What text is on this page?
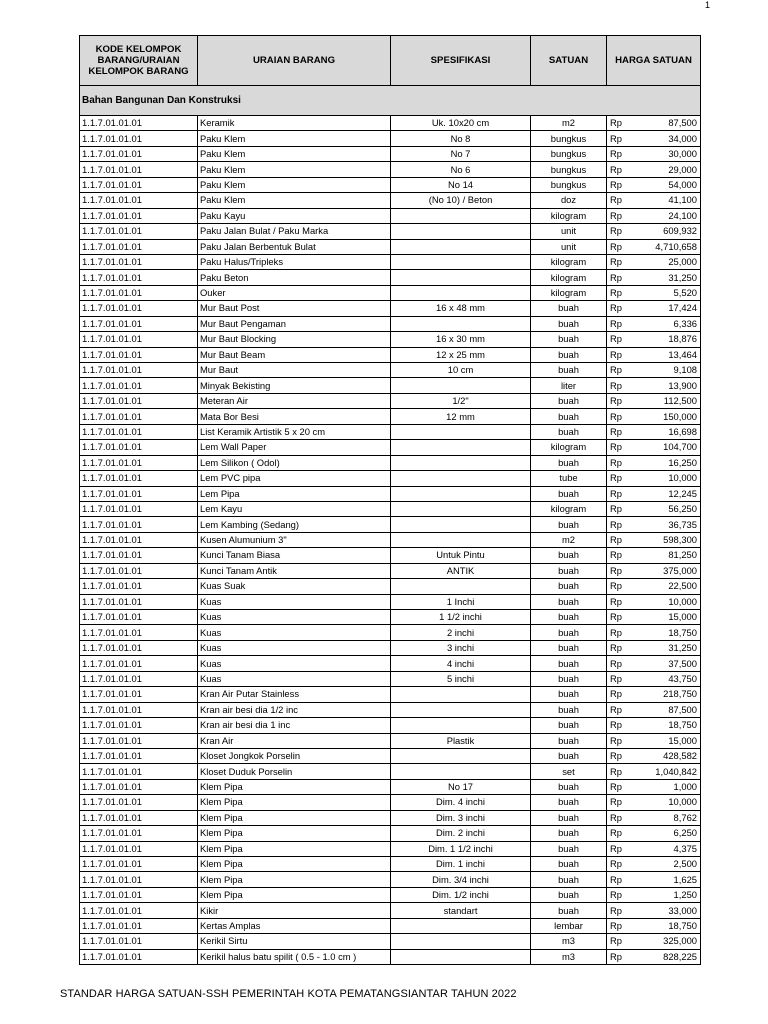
1
KODE KELOMPOK BARANG/URAIAN KELOMPOK BARANG	URAIAN BARANG	SPESIFIKASI	SATUAN	HARGA SATUAN
Bahan Bangunan Dan Konstruksi				
1.1.7.01.01.01	Keramik	Uk. 10x20 cm	m2	Rp 87,500

1.1.7.01.01.01	Paku Klem	No 8	bungkus	Rp 34,000

1.1.7.01.01.01	Paku Klem	No 7	bungkus	Rp 30,000

1.1.7.01.01.01	Paku Klem	No 6	bungkus	Rp 29,000

1.1.7.01.01.01	Paku Klem	No 14	bungkus	Rp 54,000

1.1.7.01.01.01	Paku Klem	(No 10) / Beton	doz	Rp 41,100

1.1.7.01.01.01	Paku Kayu		kilogram	Rp 24,100

1.1.7.01.01.01	Paku Jalan Bulat / Paku Marka		unit	Rp 609,932

1.1.7.01.01.01	Paku Jalan Berbentuk Bulat		unit	Rp 4,710,658

1.1.7.01.01.01	Paku Halus/Tripleks		kilogram	Rp 25,000

1.1.7.01.01.01	Paku Beton		kilogram	Rp 31,250

1.1.7.01.01.01	Ouker		kilogram	Rp 5,520

1.1.7.01.01.01	Mur Baut Post	16 x 48 mm	buah	Rp 17,424

1.1.7.01.01.01	Mur Baut Pengaman		buah	Rp 6,336

1.1.7.01.01.01	Mur Baut Blocking	16 x 30 mm	buah	Rp 18,876

1.1.7.01.01.01	Mur Baut Beam	12 x 25 mm	buah	Rp 13,464

1.1.7.01.01.01	Mur Baut	10 cm	buah	Rp 9,108

1.1.7.01.01.01	Minyak Bekisting		liter	Rp 13,900

1.1.7.01.01.01	Meteran Air	1/2"	buah	Rp 112,500

1.1.7.01.01.01	Mata Bor Besi	12 mm	buah	Rp 150,000

1.1.7.01.01.01	List Keramik Artistik 5 x 20 cm		buah	Rp 16,698

1.1.7.01.01.01	Lem Wall Paper		kilogram	Rp 104,700

1.1.7.01.01.01	Lem Silikon ( Odol)		buah	Rp 16,250

1.1.7.01.01.01	Lem PVC pipa		tube	Rp 10,000

1.1.7.01.01.01	Lem Pipa		buah	Rp 12,245

1.1.7.01.01.01	Lem Kayu		kilogram	Rp 56,250

1.1.7.01.01.01	Lem Kambing (Sedang)		buah	Rp 36,735

1.1.7.01.01.01	Kusen Alumunium 3"		m2	Rp 598,300

1.1.7.01.01.01	Kunci Tanam Biasa	Untuk Pintu	buah	Rp 81,250

1.1.7.01.01.01	Kunci Tanam Antik	ANTIK	buah	Rp 375,000

1.1.7.01.01.01	Kuas Suak		buah	Rp 22,500

1.1.7.01.01.01	Kuas	1 Inchi	buah	Rp 10,000

1.1.7.01.01.01	Kuas	1 1/2 inchi	buah	Rp 15,000

1.1.7.01.01.01	Kuas	2 inchi	buah	Rp 18,750

1.1.7.01.01.01	Kuas	3 inchi	buah	Rp 31,250

1.1.7.01.01.01	Kuas	4 inchi	buah	Rp 37,500

1.1.7.01.01.01	Kuas	5 inchi	buah	Rp 43,750

1.1.7.01.01.01	Kran Air Putar Stainless		buah	Rp 218,750

1.1.7.01.01.01	Kran air besi dia 1/2 inc		buah	Rp 87,500

1.1.7.01.01.01	Kran air besi dia 1 inc		buah	Rp 18,750

1.1.7.01.01.01	Kran Air	Plastik	buah	Rp 15,000

1.1.7.01.01.01	Kloset Jongkok Porselin		buah	Rp 428,582

1.1.7.01.01.01	Kloset Duduk Porselin		set	Rp 1,040,842

1.1.7.01.01.01	Klem Pipa	No 17	buah	Rp 1,000

1.1.7.01.01.01	Klem Pipa	Dim. 4 inchi	buah	Rp 10,000

1.1.7.01.01.01	Klem Pipa	Dim. 3 inchi	buah	Rp 8,762

1.1.7.01.01.01	Klem Pipa	Dim. 2 inchi	buah	Rp 6,250

1.1.7.01.01.01	Klem Pipa	Dim. 1 1/2 inchi	buah	Rp 4,375

1.1.7.01.01.01	Klem Pipa	Dim. 1 inchi	buah	Rp 2,500

1.1.7.01.01.01	Klem Pipa	Dim. 3/4 inchi	buah	Rp 1,625

1.1.7.01.01.01	Klem Pipa	Dim. 1/2 inchi	buah	Rp 1,250

1.1.7.01.01.01	Kikir	standart	buah	Rp 33,000

1.1.7.01.01.01	Kertas Amplas		lembar	Rp 18,750

1.1.7.01.01.01	Kerikil Sirtu		m3	Rp 325,000

1.1.7.01.01.01	Kerikil halus batu spilit ( 0.5 - 1.0 cm )		m3	Rp 828,225
STANDAR HARGA SATUAN-SSH PEMERINTAH KOTA PEMATANGSIANTAR TAHUN 2022
